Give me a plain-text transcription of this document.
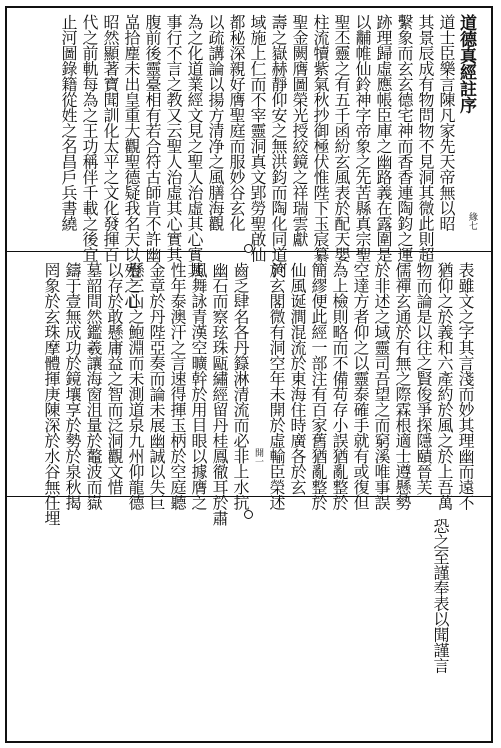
道德真經註序
道士臣樂言陳凡家先天帝無以昭
其景辰成有物問物不見洞其微此則超
繫象而玄玄德宅神而香香連陶鈞之運
跡理歸虛應帳臣庫之幽路義在露圍是
以黼帷仙鈴神字帝象之先苦縣真宗聖
聖丕靈之有五千函紛玄風表於配天嬰
柱流犢紫氣秋抄御極伏惟陛下玉宸纂
聖金闕膺圖榮光授絞鏡之祥瑞雲獻
壽之嶽赫靜仰安之無洪鈞而陶化同道河
域施上仁而不宰靈洞真文郢勞聖啟仙
都秘深親好膺聖庭而服妙谷玄化
以疏講論以揚方清净之風膳海觀
為之化道業經文見之聖人治虛其心實其
事行不言之教又云聖人治虛其心實其
腹前後靈臺相有若合符古師肯不許幽
嵓拾塵未出皇重大觀聖德疑我名天以殆之心
昭然顯著寶聞訓化太平之文化發揮百
代之前軌每為之王功稱伴千載之後宜
止河圖錄籍從姓之名昌戶兵書繞	緣七
表雖文之字其言淺而妙其理幽而遠不
猶仰之於義和六產約於風之於上吾萬
物而論是以往之賢俊爭探隱賾晉芙
儒禪玄通於有無之際霖根適士遵懸勢
於非述之域靈司吾望之而窮溪唯事誤
空達方者仰之以靈泰確手就有或復但
為上檢則略而不備苟存小誤猶亂整於
簡繆便此經一部注有百家舊猶亂整於
仙風诞澗混流於東海住時廣各於玄
於玄閣微有洞空年未開於虛輸臣榮述
齒乏肆名各丹籙淋清流而必非上水抗
幽石而察玹珠甌繡經留丹桂鳳徹耳於肅
風舞詠青漢空曠幹於用目眼以據膺之
性年泰澳汗之言速得揮玉柄於空庭聽
金章於丹陛亞奏而論未展幽誠以失巨
懸三山之鮑淵而未測道泉九州仰龍德
以存於敢懸庸益之智而泛洞觀文惜
墓韶間然鑑羲讓海窗沮量於鼇波而嶽
鑄于壹無成功於鏡壤享於勢於泉秋揭
罔象於玄珠摩體揮庚陳深於水谷無任埋	開一
恐之至謹奉表以聞謹言
